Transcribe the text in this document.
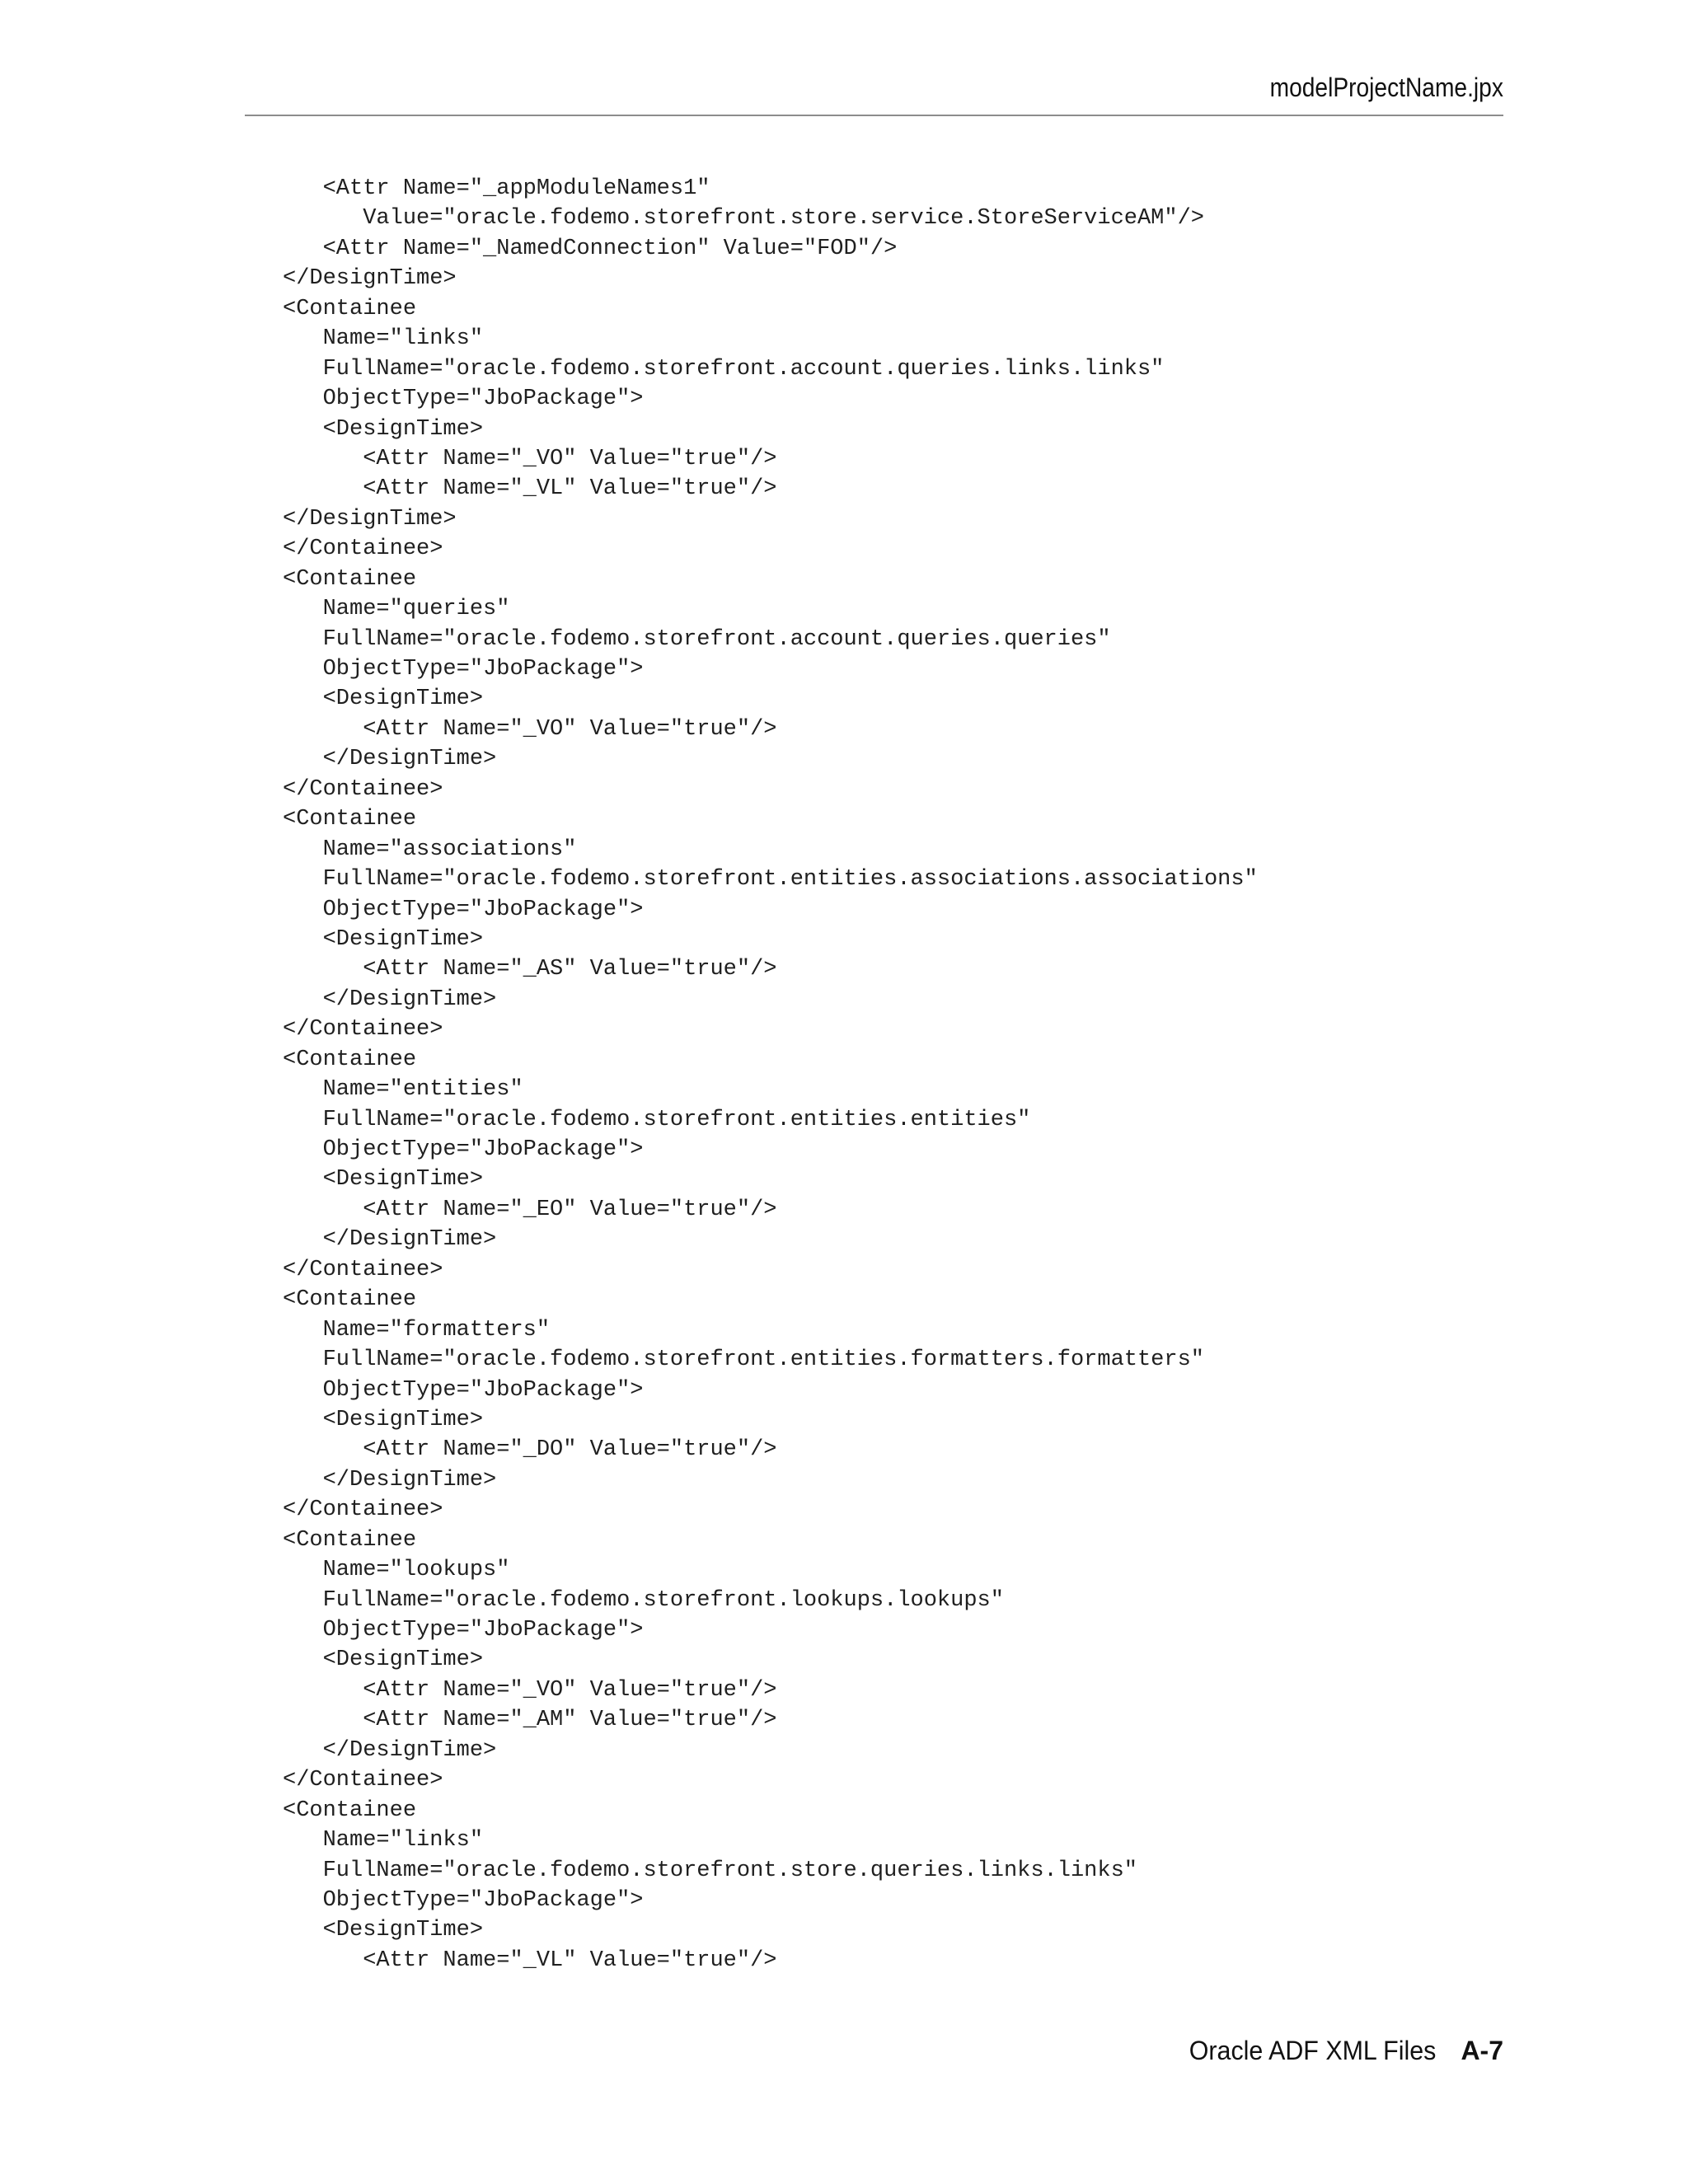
modelProjectName.jpx
<Attr Name="_appModuleNames1"
Value="oracle.fodemo.storefront.store.service.StoreServiceAM"/>
<Attr Name="_NamedConnection" Value="FOD"/>
</DesignTime>
<Containee
Name="links"
FullName="oracle.fodemo.storefront.account.queries.links.links"
ObjectType="JboPackage">
<DesignTime>
<Attr Name="_VO" Value="true"/>
<Attr Name="_VL" Value="true"/>
</DesignTime>
</Containee>
<Containee
Name="queries"
FullName="oracle.fodemo.storefront.account.queries.queries"
ObjectType="JboPackage">
<DesignTime>
<Attr Name="_VO" Value="true"/>
</DesignTime>
</Containee>
<Containee
Name="associations"
FullName="oracle.fodemo.storefront.entities.associations.associations"
ObjectType="JboPackage">
<DesignTime>
<Attr Name="_AS" Value="true"/>
</DesignTime>
</Containee>
<Containee
Name="entities"
FullName="oracle.fodemo.storefront.entities.entities"
ObjectType="JboPackage">
<DesignTime>
<Attr Name="_EO" Value="true"/>
</DesignTime>
</Containee>
<Containee
Name="formatters"
FullName="oracle.fodemo.storefront.entities.formatters.formatters"
ObjectType="JboPackage">
<DesignTime>
<Attr Name="_DO" Value="true"/>
</DesignTime>
</Containee>
<Containee
Name="lookups"
FullName="oracle.fodemo.storefront.lookups.lookups"
ObjectType="JboPackage">
<DesignTime>
<Attr Name="_VO" Value="true"/>
<Attr Name="_AM" Value="true"/>
</DesignTime>
</Containee>
<Containee
Name="links"
FullName="oracle.fodemo.storefront.store.queries.links.links"
ObjectType="JboPackage">
<DesignTime>
<Attr Name="_VL" Value="true"/>
Oracle ADF XML Files A-7
